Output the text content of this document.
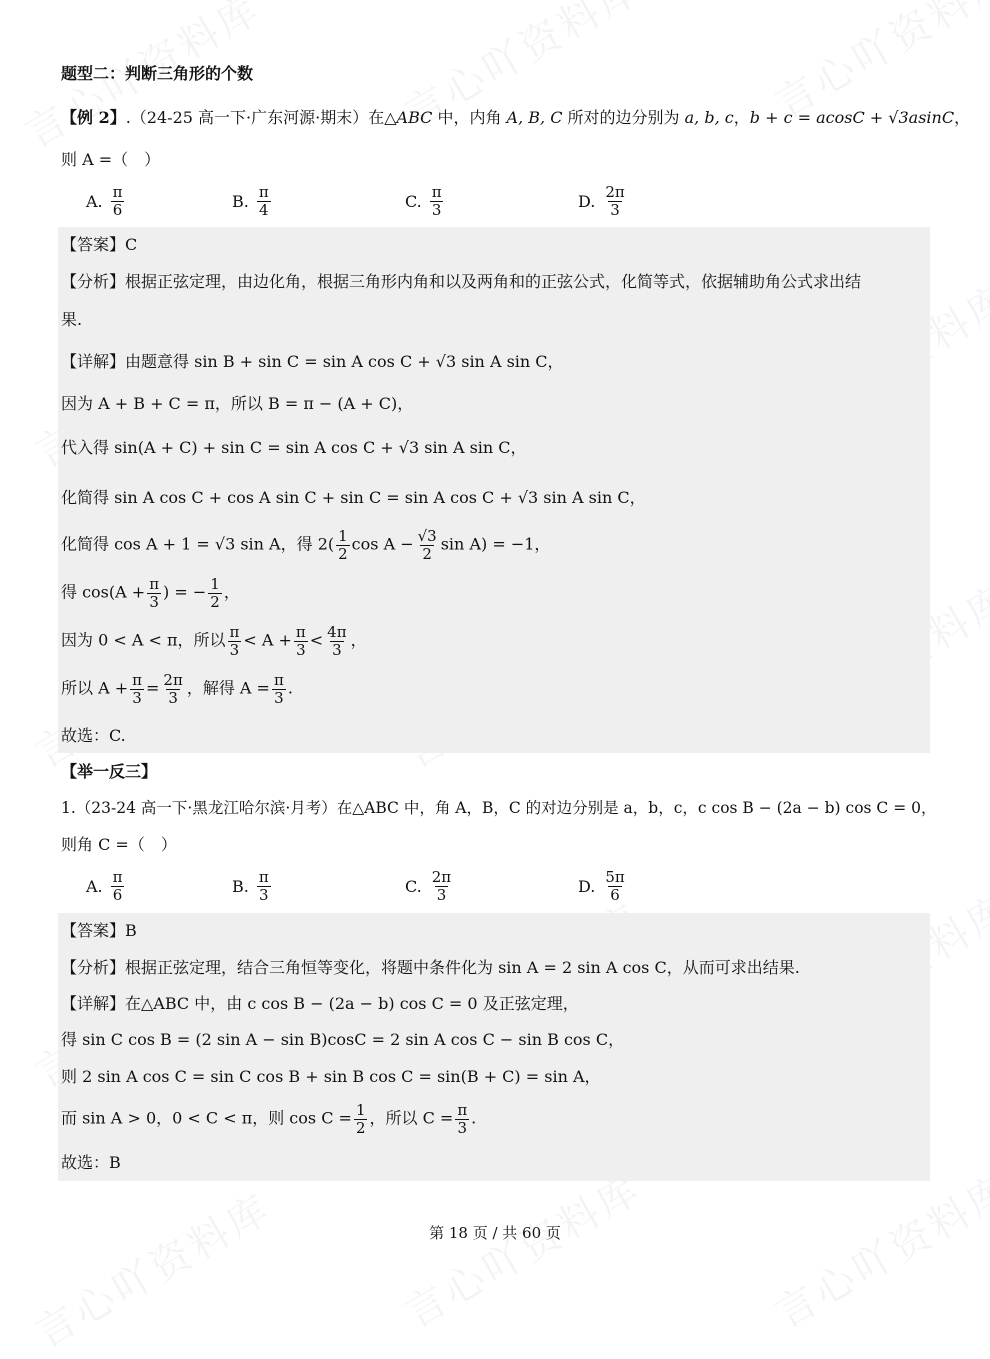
题型二：判断三角形的个数
【例 2】.（24-25 高一下·广东河源·期末）在△ABC 中，内角 A, B, C 所对的边分别为 a, b, c，b + c = acosC + √3asinC，
则 A =（　）
A. $\frac{\pi}{6}$	B. $\frac{\pi}{4}$	C. $\frac{\pi}{3}$	D. $\frac{2\pi}{3}$
【答案】C
【分析】根据正弦定理，由边化角，根据三角形内角和以及两角和的正弦公式，化简等式，依据辅助角公式求出结
果.
【详解】由题意得 sin B + sin C = sin A cos C + √3 sin A sin C，
因为 A + B + C = π，所以 B = π − (A + C)，
代入得 sin(A + C) + sin C = sin A cos C + √3 sin A sin C，
化简得 sin A cos C + cos A sin C + sin C = sin A cos C + √3 sin A sin C，
化简得 cos A + 1 = √3 sin A，得 $2( \frac{1}{2}$ $\cos A - \frac{√3}{2}$ sin A) = −1，
得 $\cos(A + \frac{\pi}{3}$ ) = − $\frac{1}{2}$ ，
因为 0 < A < π，所以 $\frac{\pi}{3} < A + \frac{\pi}{3} < \frac{4\pi}{3}$ ，
所以 $A + \frac{\pi}{3} = \frac{2\pi}{3}$ ，解得 $A = \frac{\pi}{3}$ .
故选：C.
【举一反三】
1.（23-24 高一下·黑龙江哈尔滨·月考）在△ABC 中，角 A，B，C 的对边分别是 a，b，c，c cos B − (2a − b) cos C = 0，
则角 C =（　）
A. $\frac{\pi}{6}$	B. $\frac{\pi}{3}$	C. $\frac{2\pi}{3}$	D. $\frac{5\pi}{6}$
【答案】B
【分析】根据正弦定理，结合三角恒等变化，将题中条件化为 sin A = 2 sin A cos C，从而可求出结果.
【详解】在△ABC 中，由 c cos B − (2a − b) cos C = 0 及正弦定理，
得 sin C cos B = (2 sin A − sin B)cosC = 2 sin A cos C − sin B cos C，
则 2 sin A cos C = sin C cos B + sin B cos C = sin(B + C) = sin A，
而 sin A > 0，0 < C < π，则 $\cos C = \frac{1}{2}$ ，所以 $C = \frac{\pi}{3}$ .
故选：B
第 18 页 / 共 60 页
